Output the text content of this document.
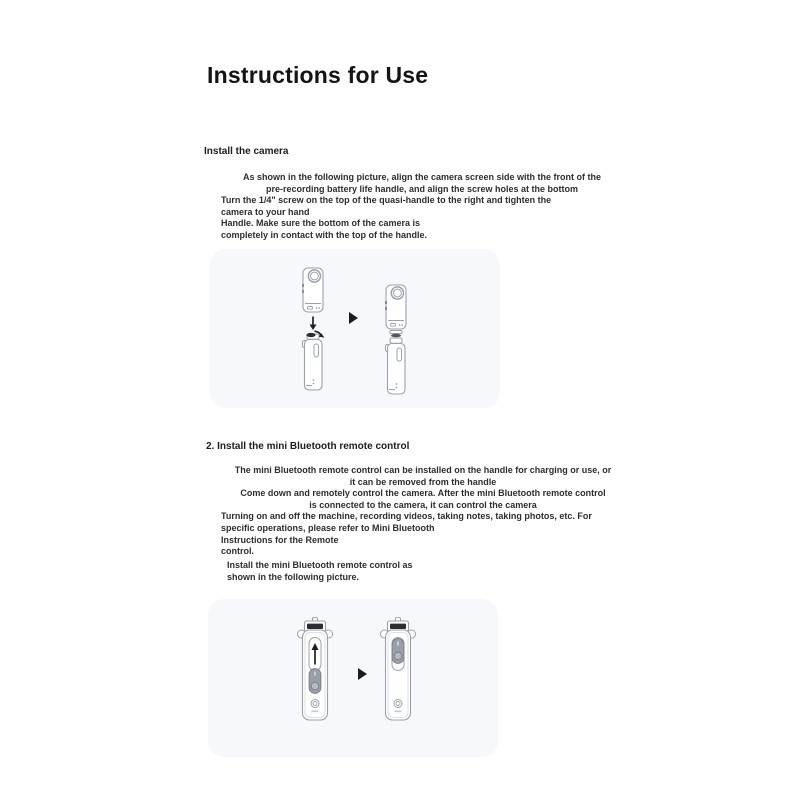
Instructions for Use
Install the camera
As shown in the following picture, align the camera screen side with the front of the
pre-recording battery life handle, and align the screw holes at the bottom
Turn the 1/4" screw on the top of the quasi-handle to the right and tighten the
camera to your hand
Handle. Make sure the bottom of the camera is
completely in contact with the top of the handle.
2. Install the mini Bluetooth remote control
The mini Bluetooth remote control can be installed on the handle for charging or use, or
it can be removed from the handle
Come down and remotely control the camera. After the mini Bluetooth remote control
is connected to the camera, it can control the camera
Turning on and off the machine, recording videos, taking notes, taking photos, etc. For
specific operations, please refer to Mini Bluetooth
Instructions for the Remote
control.
Install the mini Bluetooth remote control as
shown in the following picture.
